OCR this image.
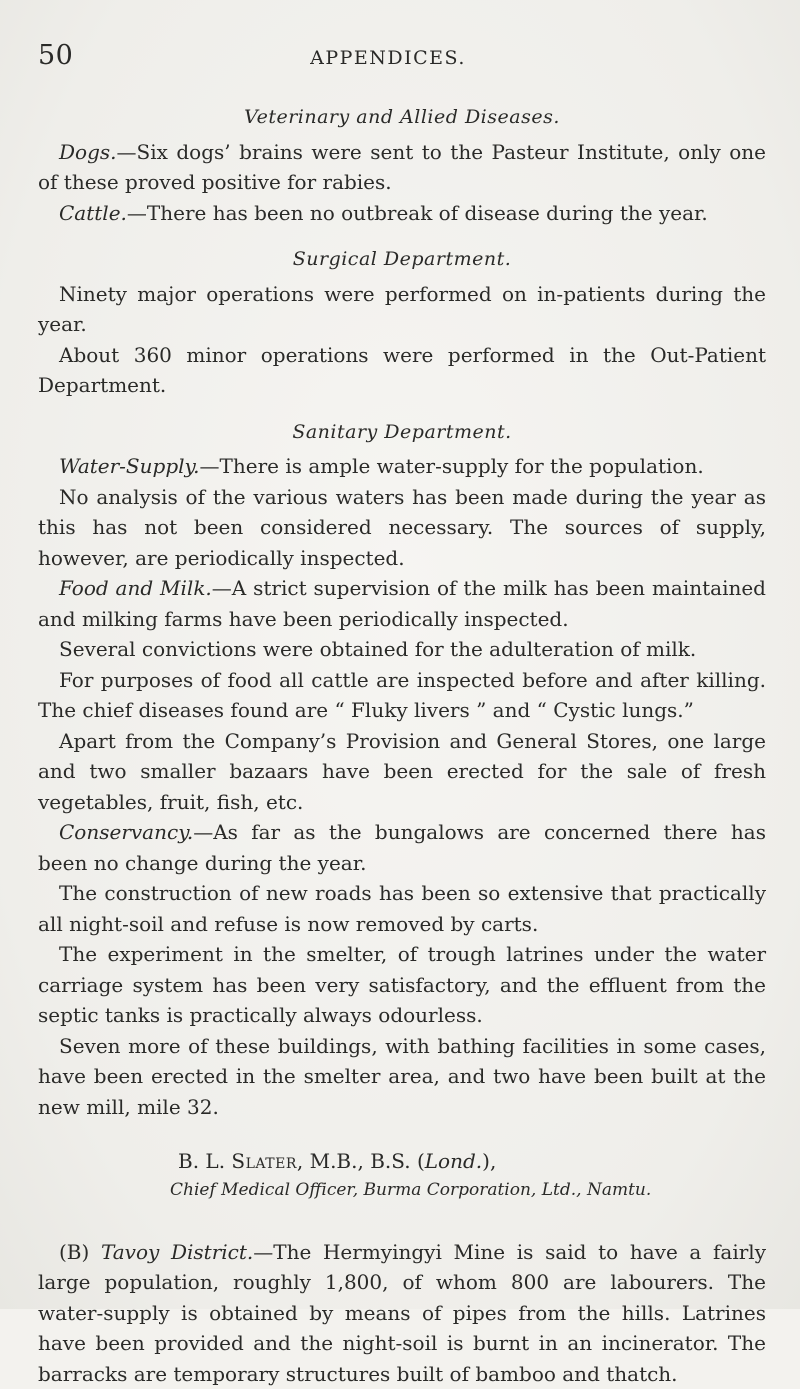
50	APPENDICES.

Veterinary and Allied Diseases.

Dogs.—Six dogs’ brains were sent to the Pasteur Institute, only one of these proved positive for rabies.

Cattle.—There has been no outbreak of disease during the year.

Surgical Department.

Ninety major operations were performed on in-patients during the year.

About 360 minor operations were performed in the Out-Patient Department.

Sanitary Department.

Water-Supply.—There is ample water-supply for the population.

No analysis of the various waters has been made during the year as this has not been considered necessary. The sources of supply, however, are periodically inspected.

Food and Milk.—A strict supervision of the milk has been maintained and milking farms have been periodically inspected.

Several convictions were obtained for the adulteration of milk.

For purposes of food all cattle are inspected before and after killing. The chief diseases found are “ Fluky livers ” and “ Cystic lungs.”

Apart from the Company’s Provision and General Stores, one large and two smaller bazaars have been erected for the sale of fresh vegetables, fruit, fish, etc.

Conservancy.—As far as the bungalows are concerned there has been no change during the year.

The construction of new roads has been so extensive that practically all night-soil and refuse is now removed by carts.

The experiment in the smelter, of trough latrines under the water carriage system has been very satisfactory, and the effluent from the septic tanks is practically always odourless.

Seven more of these buildings, with bathing facilities in some cases, have been erected in the smelter area, and two have been built at the new mill, mile 32.

B. L. Slater, M.B., B.S. (Lond.),

Chief Medical Officer, Burma Corporation, Ltd., Namtu.

(B) Tavoy District.—The Hermyingyi Mine is said to have a fairly large population, roughly 1,800, of whom 800 are labourers. The water-supply is obtained by means of pipes from the hills. Latrines have been provided and the night-soil is burnt in an incinerator. The barracks are temporary structures built of bamboo and thatch.
